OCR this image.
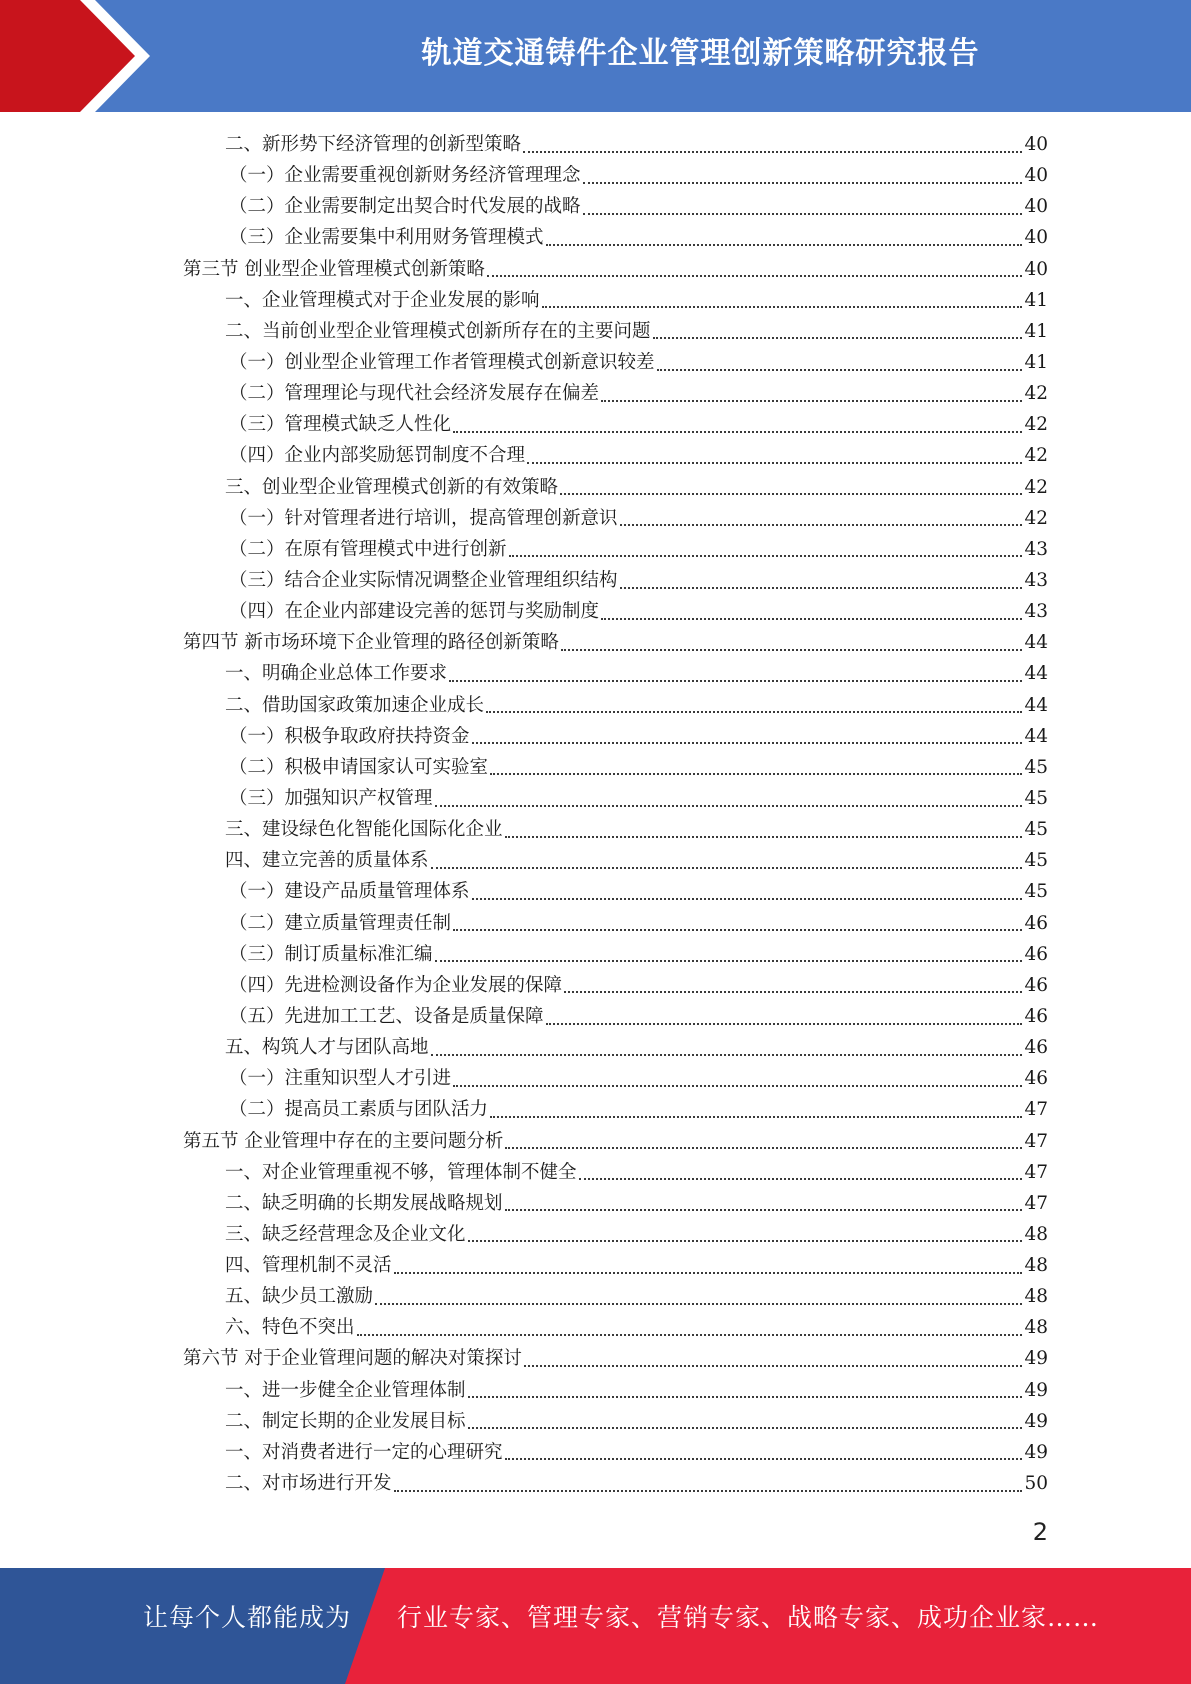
轨道交通铸件企业管理创新策略研究报告
二、新形势下经济管理的创新型策略	40
（一）企业需要重视创新财务经济管理理念	40
（二）企业需要制定出契合时代发展的战略	40
（三）企业需要集中利用财务管理模式	40
第三节 创业型企业管理模式创新策略	40
一、企业管理模式对于企业发展的影响	41
二、当前创业型企业管理模式创新所存在的主要问题	41
（一）创业型企业管理工作者管理模式创新意识较差	41
（二）管理理论与现代社会经济发展存在偏差	42
（三）管理模式缺乏人性化	42
（四）企业内部奖励惩罚制度不合理	42
三、创业型企业管理模式创新的有效策略	42
（一）针对管理者进行培训，提高管理创新意识	42
（二）在原有管理模式中进行创新	43
（三）结合企业实际情况调整企业管理组织结构	43
（四）在企业内部建设完善的惩罚与奖励制度	43
第四节 新市场环境下企业管理的路径创新策略	44
一、明确企业总体工作要求	44
二、借助国家政策加速企业成长	44
（一）积极争取政府扶持资金	44
（二）积极申请国家认可实验室	45
（三）加强知识产权管理	45
三、建设绿色化智能化国际化企业	45
四、建立完善的质量体系	45
（一）建设产品质量管理体系	45
（二）建立质量管理责任制	46
（三）制订质量标准汇编	46
（四）先进检测设备作为企业发展的保障	46
（五）先进加工工艺、设备是质量保障	46
五、构筑人才与团队高地	46
（一）注重知识型人才引进	46
（二）提高员工素质与团队活力	47
第五节 企业管理中存在的主要问题分析	47
一、对企业管理重视不够，管理体制不健全	47
二、缺乏明确的长期发展战略规划	47
三、缺乏经营理念及企业文化	48
四、管理机制不灵活	48
五、缺少员工激励	48
六、特色不突出	48
第六节 对于企业管理问题的解决对策探讨	49
一、进一步健全企业管理体制	49
二、制定长期的企业发展目标	49
一、对消费者进行一定的心理研究	49
二、对市场进行开发	50
2
让每个人都能成为 行业专家、管理专家、营销专家、战略专家、成功企业家……
